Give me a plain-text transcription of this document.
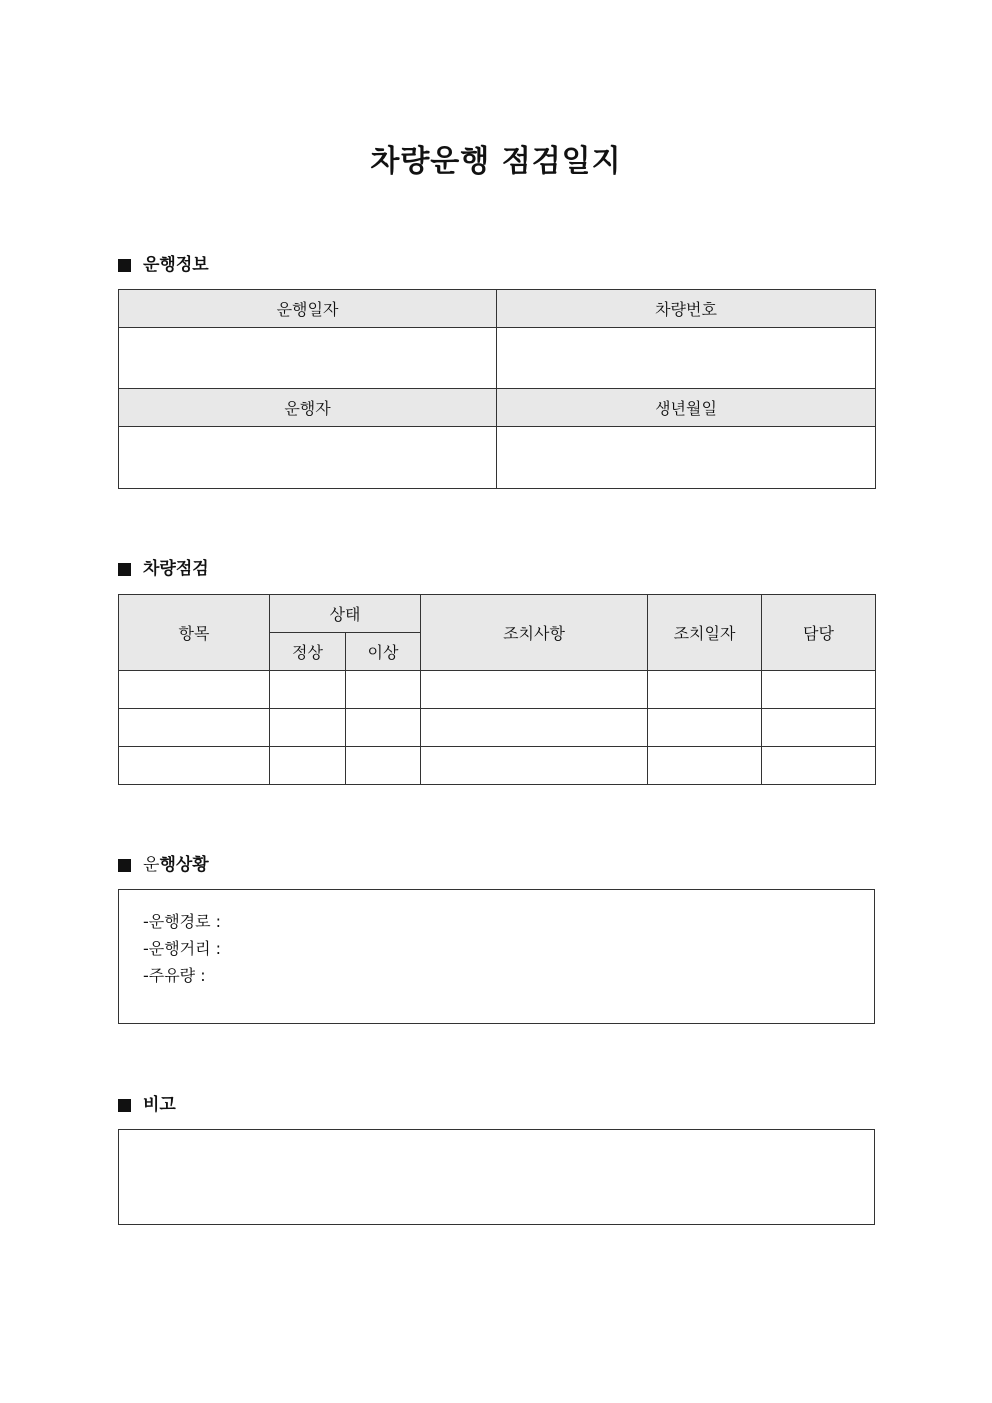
차량운행 점검일지
운행정보
운행일자	차량번호

운행자	생년월일

차량점검
항목	상태		조치사항	조치일자	담당
	정상	이상			

운 행상황
-운행경로 :
-운행거리 :
-주유량 :
비고
